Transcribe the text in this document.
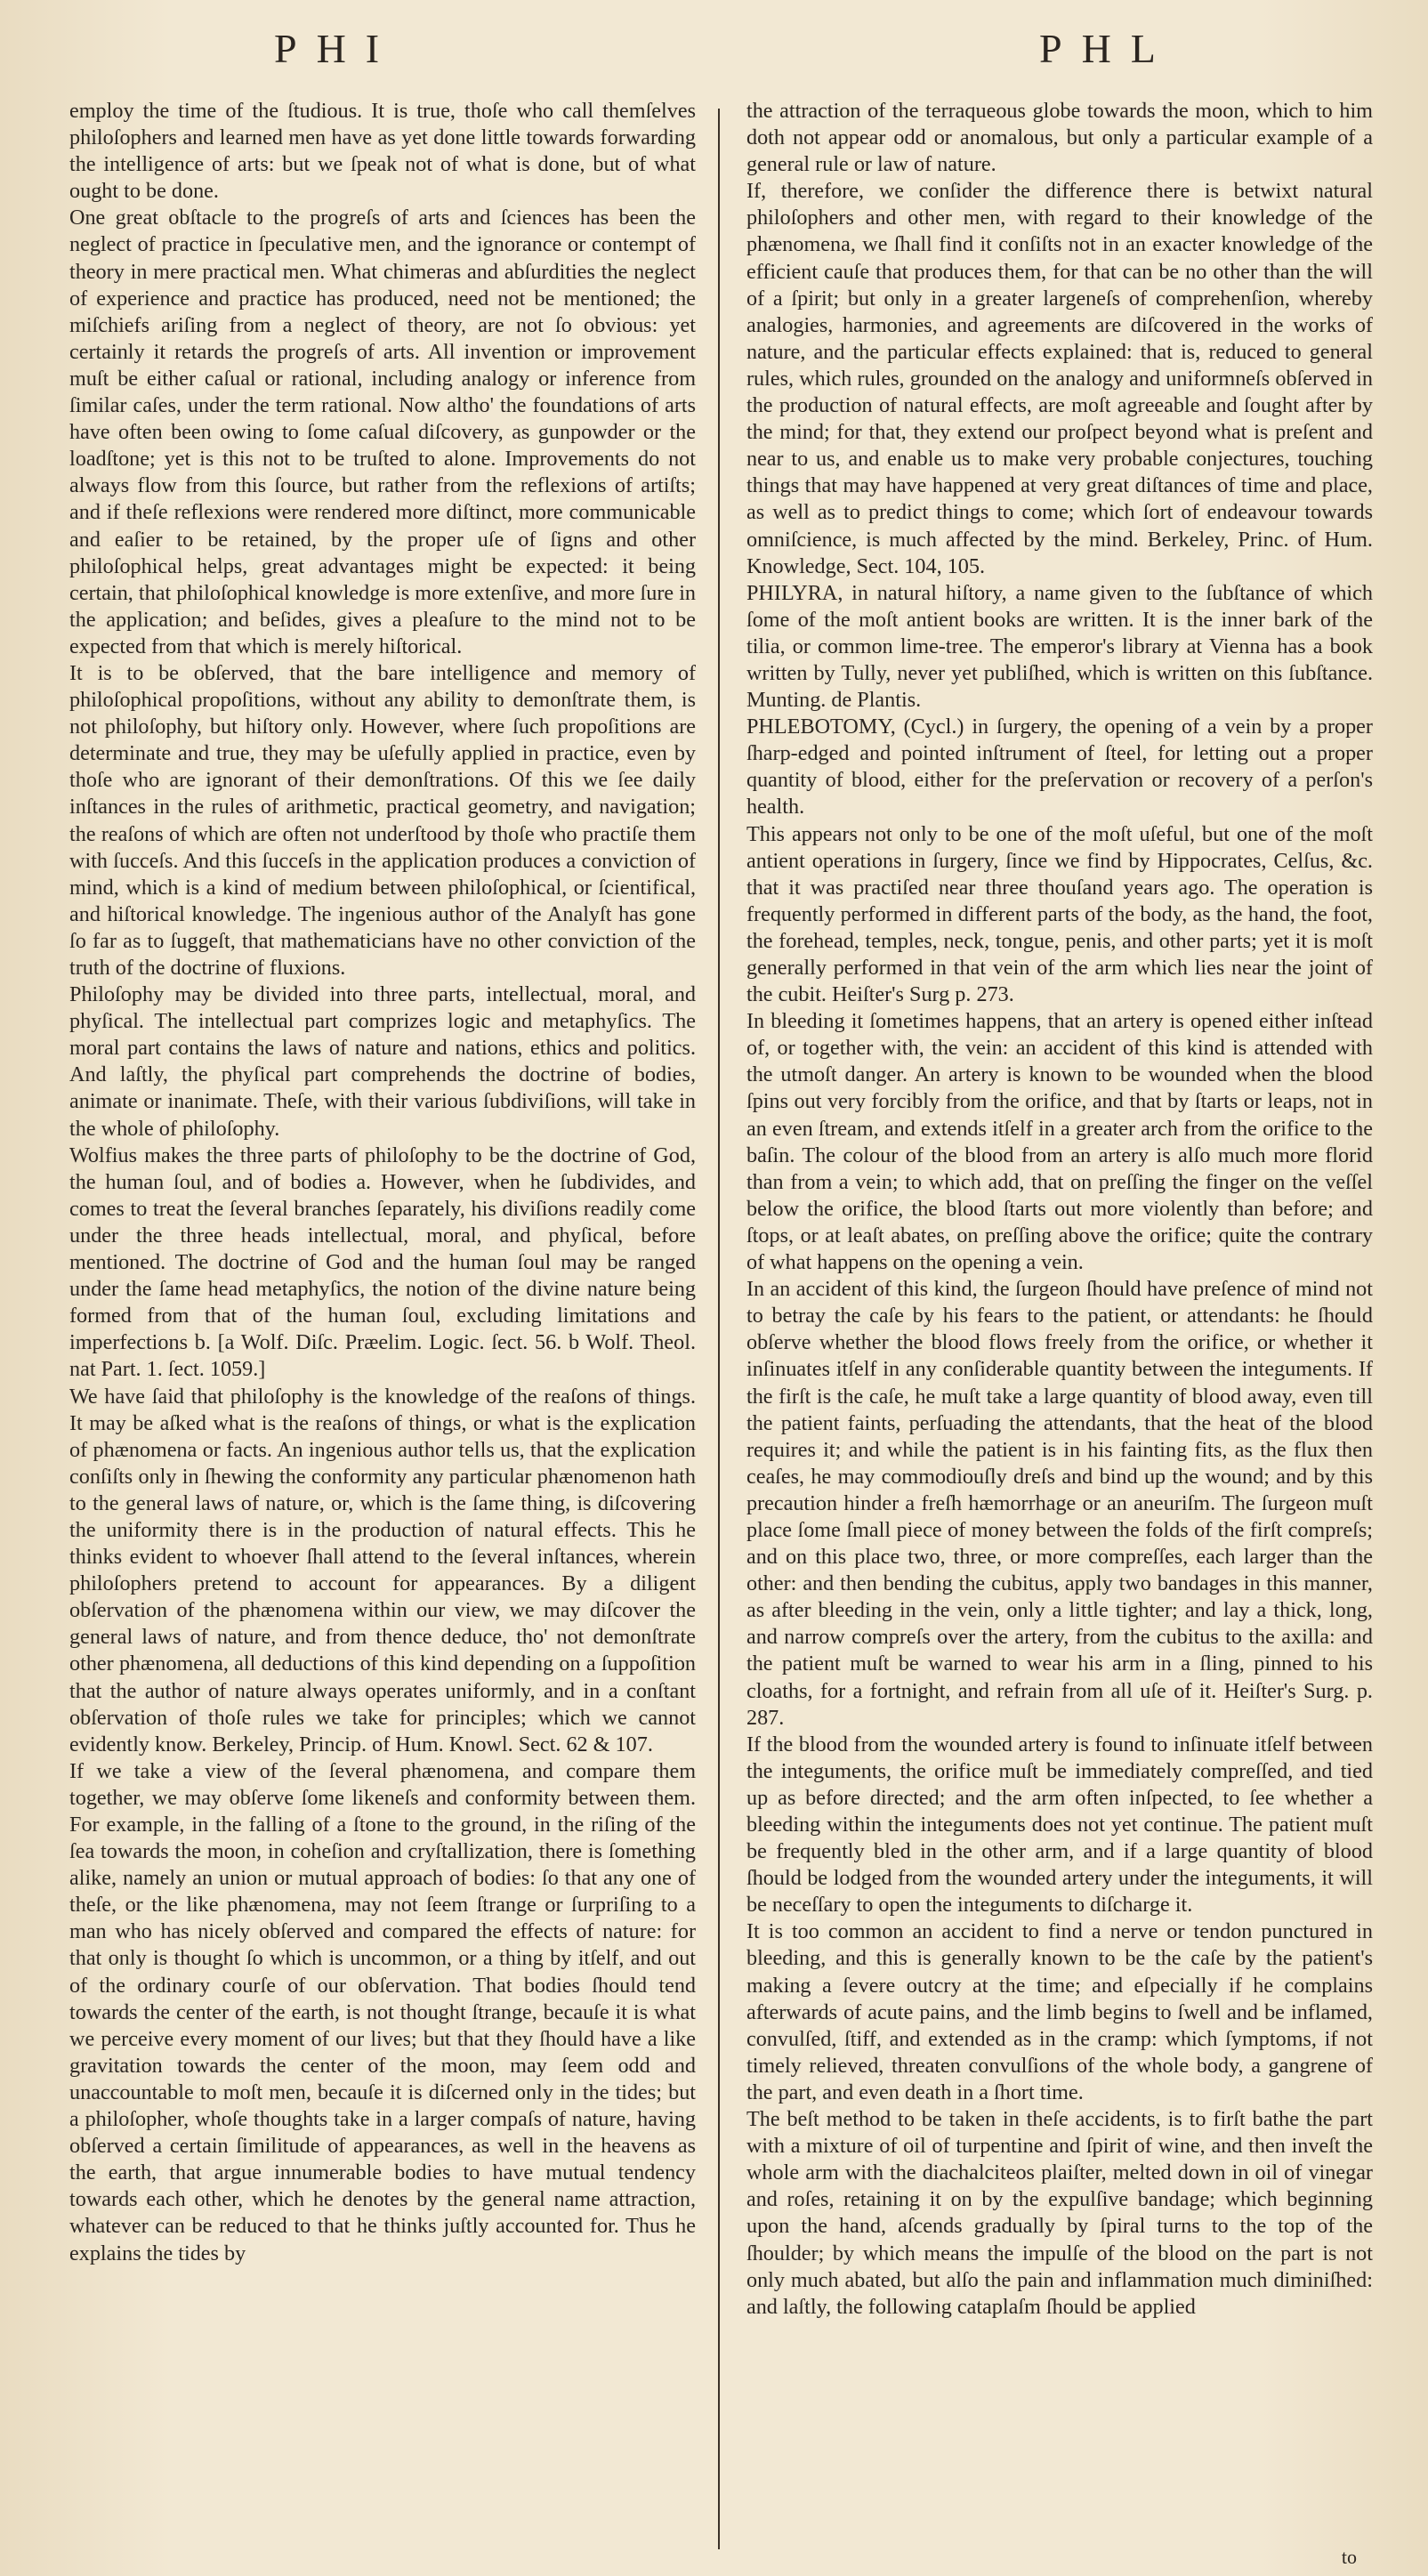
PHI	PHL

employ the time of the ſtudious. It is true, thoſe who call themſelves philoſophers and learned men have as yet done little towards forwarding the intelligence of arts: but we ſpeak not of what is done, but of what ought to be done.

One great obſtacle to the progreſs of arts and ſciences has been the neglect of practice in ſpeculative men, and the ignorance or contempt of theory in mere practical men. What chimeras and abſurdities the neglect of experience and practice has produced, need not be mentioned; the miſchiefs ariſing from a neglect of theory, are not ſo obvious: yet certainly it retards the progreſs of arts. All invention or improvement muſt be either caſual or rational, including analogy or inference from ſimilar caſes, under the term rational. Now altho' the foundations of arts have often been owing to ſome caſual diſcovery, as gunpowder or the loadſtone; yet is this not to be truſted to alone. Improvements do not always flow from this ſource, but rather from the reflexions of artiſts; and if theſe reflexions were rendered more diſtinct, more communicable and eaſier to be retained, by the proper uſe of ſigns and other philoſophical helps, great advantages might be expected: it being certain, that philoſophical knowledge is more extenſive, and more ſure in the application; and beſides, gives a pleaſure to the mind not to be expected from that which is merely hiſtorical.

It is to be obſerved, that the bare intelligence and memory of philoſophical propoſitions, without any ability to demonſtrate them, is not philoſophy, but hiſtory only. However, where ſuch propoſitions are determinate and true, they may be uſefully applied in practice, even by thoſe who are ignorant of their demonſtrations. Of this we ſee daily inſtances in the rules of arithmetic, practical geometry, and navigation; the reaſons of which are often not underſtood by thoſe who practiſe them with ſucceſs. And this ſucceſs in the application produces a conviction of mind, which is a kind of medium between philoſophical, or ſcientifical, and hiſtorical knowledge. The ingenious author of the Analyſt has gone ſo far as to ſuggeſt, that mathematicians have no other conviction of the truth of the doctrine of fluxions.

Philoſophy may be divided into three parts, intellectual, moral, and phyſical. The intellectual part comprizes logic and metaphyſics. The moral part contains the laws of nature and nations, ethics and politics. And laſtly, the phyſical part comprehends the doctrine of bodies, animate or inanimate. Theſe, with their various ſubdiviſions, will take in the whole of philoſophy.

Wolfius makes the three parts of philoſophy to be the doctrine of God, the human ſoul, and of bodies a. However, when he ſubdivides, and comes to treat the ſeveral branches ſeparately, his diviſions readily come under the three heads intellectual, moral, and phyſical, before mentioned. The doctrine of God and the human ſoul may be ranged under the ſame head metaphyſics, the notion of the divine nature being formed from that of the human ſoul, excluding limitations and imperfections b. [a Wolf. Diſc. Præelim. Logic. ſect. 56. b Wolf. Theol. nat Part. 1. ſect. 1059.]

We have ſaid that philoſophy is the knowledge of the reaſons of things. It may be aſked what is the reaſons of things, or what is the explication of phænomena or facts. An ingenious author tells us, that the explication conſiſts only in ſhewing the conformity any particular phænomenon hath to the general laws of nature, or, which is the ſame thing, is diſcovering the uniformity there is in the production of natural effects. This he thinks evident to whoever ſhall attend to the ſeveral inſtances, wherein philoſophers pretend to account for appearances. By a diligent obſervation of the phænomena within our view, we may diſcover the general laws of nature, and from thence deduce, tho' not demonſtrate other phænomena, all deductions of this kind depending on a ſuppoſition that the author of nature always operates uniformly, and in a conſtant obſervation of thoſe rules we take for principles; which we cannot evidently know. Berkeley, Princip. of Hum. Knowl. Sect. 62 & 107.

If we take a view of the ſeveral phænomena, and compare them together, we may obſerve ſome likeneſs and conformity between them. For example, in the falling of a ſtone to the ground, in the riſing of the ſea towards the moon, in coheſion and cryſtallization, there is ſomething alike, namely an union or mutual approach of bodies: ſo that any one of theſe, or the like phænomena, may not ſeem ſtrange or ſurpriſing to a man who has nicely obſerved and compared the effects of nature: for that only is thought ſo which is uncommon, or a thing by itſelf, and out of the ordinary courſe of our obſervation. That bodies ſhould tend towards the center of the earth, is not thought ſtrange, becauſe it is what we perceive every moment of our lives; but that they ſhould have a like gravitation towards the center of the moon, may ſeem odd and unaccountable to moſt men, becauſe it is diſcerned only in the tides; but a philoſopher, whoſe thoughts take in a larger compaſs of nature, having obſerved a certain ſimilitude of appearances, as well in the heavens as the earth, that argue innumerable bodies to have mutual tendency towards each other, which he denotes by the general name attraction, whatever can be reduced to that he thinks juſtly accounted for. Thus he explains the tides by

the attraction of the terraqueous globe towards the moon, which to him doth not appear odd or anomalous, but only a particular example of a general rule or law of nature.

If, therefore, we conſider the difference there is betwixt natural philoſophers and other men, with regard to their knowledge of the phænomena, we ſhall find it conſiſts not in an exacter knowledge of the efficient cauſe that produces them, for that can be no other than the will of a ſpirit; but only in a greater largeneſs of comprehenſion, whereby analogies, harmonies, and agreements are diſcovered in the works of nature, and the particular effects explained: that is, reduced to general rules, which rules, grounded on the analogy and uniformneſs obſerved in the production of natural effects, are moſt agreeable and ſought after by the mind; for that, they extend our proſpect beyond what is preſent and near to us, and enable us to make very probable conjectures, touching things that may have happened at very great diſtances of time and place, as well as to predict things to come; which ſort of endeavour towards omniſcience, is much affected by the mind. Berkeley, Princ. of Hum. Knowledge, Sect. 104, 105.

PHILYRA, in natural hiſtory, a name given to the ſubſtance of which ſome of the moſt antient books are written. It is the inner bark of the tilia, or common lime-tree. The emperor's library at Vienna has a book written by Tully, never yet publiſhed, which is written on this ſubſtance. Munting. de Plantis.

PHLEBOTOMY, (Cycl.) in ſurgery, the opening of a vein by a proper ſharp-edged and pointed inſtrument of ſteel, for letting out a proper quantity of blood, either for the preſervation or recovery of a perſon's health.

This appears not only to be one of the moſt uſeful, but one of the moſt antient operations in ſurgery, ſince we find by Hippocrates, Celſus, &c. that it was practiſed near three thouſand years ago. The operation is frequently performed in different parts of the body, as the hand, the foot, the forehead, temples, neck, tongue, penis, and other parts; yet it is moſt generally performed in that vein of the arm which lies near the joint of the cubit. Heiſter's Surg p. 273.

In bleeding it ſometimes happens, that an artery is opened either inſtead of, or together with, the vein: an accident of this kind is attended with the utmoſt danger. An artery is known to be wounded when the blood ſpins out very forcibly from the orifice, and that by ſtarts or leaps, not in an even ſtream, and extends itſelf in a greater arch from the orifice to the baſin. The colour of the blood from an artery is alſo much more florid than from a vein; to which add, that on preſſing the finger on the veſſel below the orifice, the blood ſtarts out more violently than before; and ſtops, or at leaſt abates, on preſſing above the orifice; quite the contrary of what happens on the opening a vein.

In an accident of this kind, the ſurgeon ſhould have preſence of mind not to betray the caſe by his fears to the patient, or attendants: he ſhould obſerve whether the blood flows freely from the orifice, or whether it inſinuates itſelf in any conſiderable quantity between the integuments. If the firſt is the caſe, he muſt take a large quantity of blood away, even till the patient faints, perſuading the attendants, that the heat of the blood requires it; and while the patient is in his fainting fits, as the flux then ceaſes, he may commodiouſly dreſs and bind up the wound; and by this precaution hinder a freſh hæmorrhage or an aneuriſm. The ſurgeon muſt place ſome ſmall piece of money between the folds of the firſt compreſs; and on this place two, three, or more compreſſes, each larger than the other: and then bending the cubitus, apply two bandages in this manner, as after bleeding in the vein, only a little tighter; and lay a thick, long, and narrow compreſs over the artery, from the cubitus to the axilla: and the patient muſt be warned to wear his arm in a ſling, pinned to his cloaths, for a fortnight, and refrain from all uſe of it. Heiſter's Surg. p. 287.

If the blood from the wounded artery is found to inſinuate itſelf between the integuments, the orifice muſt be immediately compreſſed, and tied up as before directed; and the arm often inſpected, to ſee whether a bleeding within the integuments does not yet continue. The patient muſt be frequently bled in the other arm, and if a large quantity of blood ſhould be lodged from the wounded artery under the integuments, it will be neceſſary to open the integuments to diſcharge it.

It is too common an accident to find a nerve or tendon punctured in bleeding, and this is generally known to be the caſe by the patient's making a ſevere outcry at the time; and eſpecially if he complains afterwards of acute pains, and the limb begins to ſwell and be inflamed, convulſed, ſtiff, and extended as in the cramp: which ſymptoms, if not timely relieved, threaten convulſions of the whole body, a gangrene of the part, and even death in a ſhort time.

The beſt method to be taken in theſe accidents, is to firſt bathe the part with a mixture of oil of turpentine and ſpirit of wine, and then inveſt the whole arm with the diachalciteos plaiſter, melted down in oil of vinegar and roſes, retaining it on by the expulſive bandage; which beginning upon the hand, aſcends gradually by ſpiral turns to the top of the ſhoulder; by which means the impulſe of the blood on the part is not only much abated, but alſo the pain and inflammation much diminiſhed: and laſtly, the following cataplaſm ſhould be applied

to
